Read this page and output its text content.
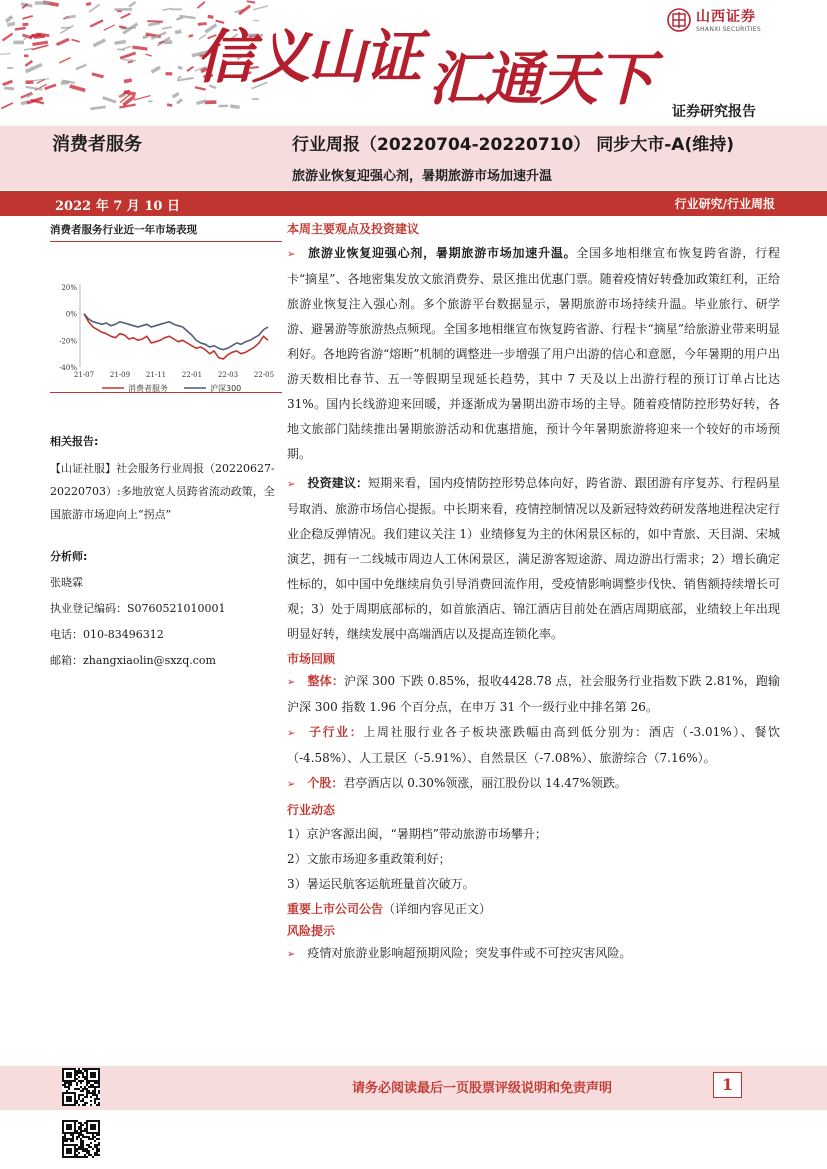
信义山证 汇通天下
山西证券
SHANXI SECURITIES
证券研究报告
消费者服务	行业周报（20220704-20220710） 同步大市-A(维持)
旅游业恢复迎强心剂，暑期旅游市场加速升温
2022 年 7 月 10 日	行业研究/行业周报
消费者服务行业近一年市场表现
20%
0%
-20%
-40%
21-07 21-09 21-11 22-01 22-03 22-05
消费者服务	沪深300
相关报告:
【山证社服】社会服务行业周报（20220627-20220703）:多地放宽人员跨省流动政策，全国旅游市场迎向上“拐点”
分析师:
张晓霖
执业登记编码：S0760521010001
电话：010-83496312
邮箱：zhangxiaolin@sxzq.com
本周主要观点及投资建议
➢ 旅游业恢复迎强心剂，暑期旅游市场加速升温。全国多地相继宣布恢复跨省游，行程卡“摘星”、各地密集发放文旅消费券、景区推出优惠门票。随着疫情好转叠加政策红利，正给旅游业恢复注入强心剂。多个旅游平台数据显示，暑期旅游市场持续升温。毕业旅行、研学游、避暑游等旅游热点频现。全国多地相继宣布恢复跨省游、行程卡“摘星”给旅游业带来明显利好。各地跨省游“熔断”机制的调整进一步增强了用户出游的信心和意愿，今年暑期的用户出游天数相比春节、五一等假期呈现延长趋势，其中 7 天及以上出游行程的预订订单占比达 31%。国内长线游迎来回暖，并逐渐成为暑期出游市场的主导。随着疫情防控形势好转，各地文旅部门陆续推出暑期旅游活动和优惠措施，预计今年暑期旅游将迎来一个较好的市场预期。
➢ 投资建议：短期来看，国内疫情防控形势总体向好，跨省游、跟团游有序复苏、行程码星号取消、旅游市场信心提振。中长期来看，疫情控制情况以及新冠特效药研发落地进程决定行业企稳反弹情况。我们建议关注 1）业绩修复为主的休闲景区标的，如中青旅、天目湖、宋城演艺，拥有一二线城市周边人工休闲景区，满足游客短途游、周边游出行需求；2）增长确定性标的，如中国中免继续肩负引导消费回流作用，受疫情影响调整步伐快、销售额持续增长可观；3）处于周期底部标的，如首旅酒店、锦江酒店目前处在酒店周期底部，业绩较上年出现明显好转，继续发展中高端酒店以及提高连锁化率。
市场回顾
➢ 整体：沪深 300 下跌 0.85%，报收4428.78 点，社会服务行业指数下跌 2.81%，跑输沪深 300 指数 1.96 个百分点，在申万 31 个一级行业中排名第 26。
➢ 子行业：上周社服行业各子板块涨跌幅由高到低分别为：酒店（-3.01%）、餐饮（-4.58%）、人工景区（-5.91%）、自然景区（-7.08%）、旅游综合（7.16%）。
➢ 个股：君亭酒店以 0.30%领涨，丽江股份以 14.47%领跌。
行业动态
1）京沪客源出闽，“暑期档”带动旅游市场攀升；
2）文旅市场迎多重政策利好；
3）暑运民航客运航班量首次破万。
重要上市公司公告（详细内容见正文）
风险提示
➢ 疫情对旅游业影响超预期风险；突发事件或不可控灾害风险。
请务必阅读最后一页股票评级说明和免责声明	1
